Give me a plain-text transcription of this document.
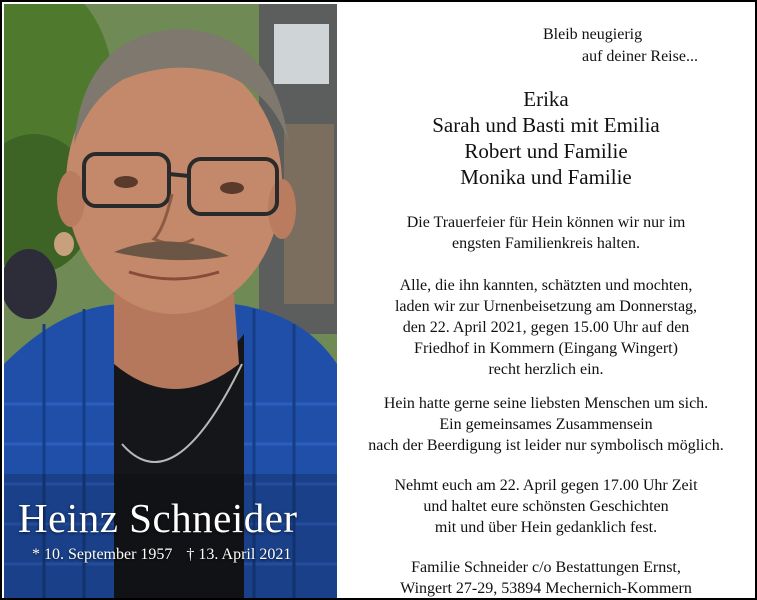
Heinz Schneider
* 10. September 1957 † 13. April 2021
Bleib neugierig
auf deiner Reise...
Erika
Sarah und Basti mit Emilia
Robert und Familie
Monika und Familie
Die Trauerfeier für Hein können wir nur im
engsten Familienkreis halten.
Alle, die ihn kannten, schätzten und mochten,
laden wir zur Urnenbeisetzung am Donnerstag,
den 22. April 2021, gegen 15.00 Uhr auf den
Friedhof in Kommern (Eingang Wingert)
recht herzlich ein.
Hein hatte gerne seine liebsten Menschen um sich.
Ein gemeinsames Zusammensein
nach der Beerdigung ist leider nur symbolisch möglich.
Nehmt euch am 22. April gegen 17.00 Uhr Zeit
und haltet eure schönsten Geschichten
mit und über Hein gedanklich fest.
Familie Schneider c/o Bestattungen Ernst,
Wingert 27-29, 53894 Mechernich-Kommern
